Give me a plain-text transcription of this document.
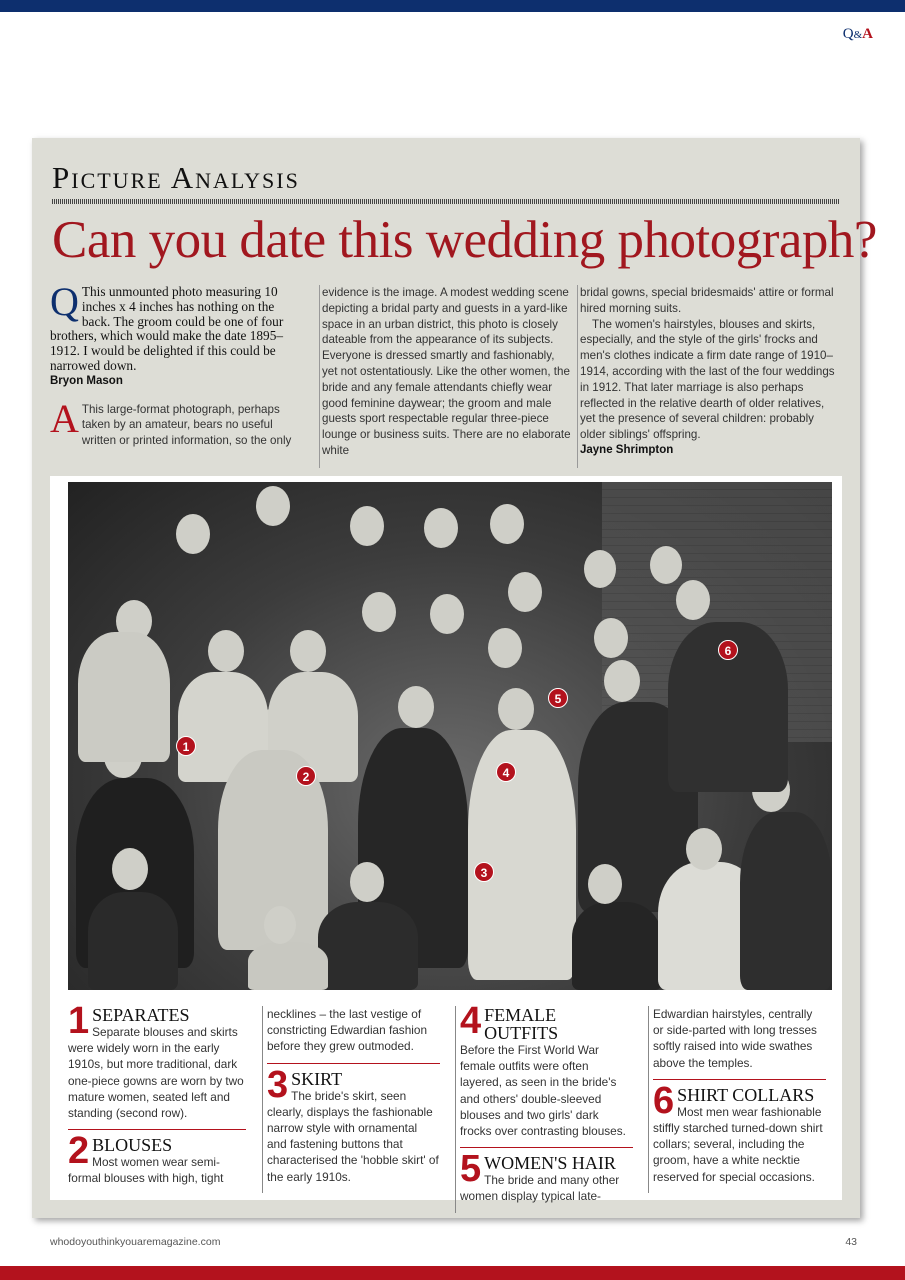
Q&A
Picture Analysis
Can you date this wedding photograph?
Q This unmounted photo measuring 10 inches x 4 inches has nothing on the back. The groom could be one of four brothers, which would make the date 1895–1912. I would be delighted if this could be narrowed down.
Bryon Mason
A This large-format photograph, perhaps taken by an amateur, bears no useful written or printed information, so the only
evidence is the image. A modest wedding scene depicting a bridal party and guests in a yard-like space in an urban district, this photo is closely dateable from the appearance of its subjects. Everyone is dressed smartly and fashionably, yet not ostentatiously. Like the other women, the bride and any female attendants chiefly wear good feminine daywear; the groom and male guests sport respectable regular three-piece lounge or business suits. There are no elaborate white
bridal gowns, special bridesmaids' attire or formal hired morning suits.
The women's hairstyles, blouses and skirts, especially, and the style of the girls' frocks and men's clothes indicate a firm date range of 1910–1914, according with the last of the four weddings in 1912. That later marriage is also perhaps reflected in the relative dearth of older relatives, yet the presence of several children: probably older siblings' offspring.
Jayne Shrimpton
1
2
3
4
5
6
1 SEPARATES
Separate blouses and skirts were widely worn in the early 1910s, but more traditional, dark one-piece gowns are worn by two mature women, seated left and standing (second row).
2 BLOUSES
Most women wear semi-formal blouses with high, tight
necklines – the last vestige of constricting Edwardian fashion before they grew outmoded.
3 SKIRT
The bride's skirt, seen clearly, displays the fashionable narrow style with ornamental and fastening buttons that characterised the 'hobble skirt' of the early 1910s.
4 FEMALE OUTFITS
Before the First World War female outfits were often layered, as seen in the bride's and others' double-sleeved blouses and two girls' dark frocks over contrasting blouses.
5 WOMEN'S HAIR
The bride and many other women display typical late-
Edwardian hairstyles, centrally or side-parted with long tresses softly raised into wide swathes above the temples.
6 SHIRT COLLARS
Most men wear fashionable stiffly starched turned-down shirt collars; several, including the groom, have a white necktie reserved for special occasions.
whodoyouthinkyouaremagazine.com	43
